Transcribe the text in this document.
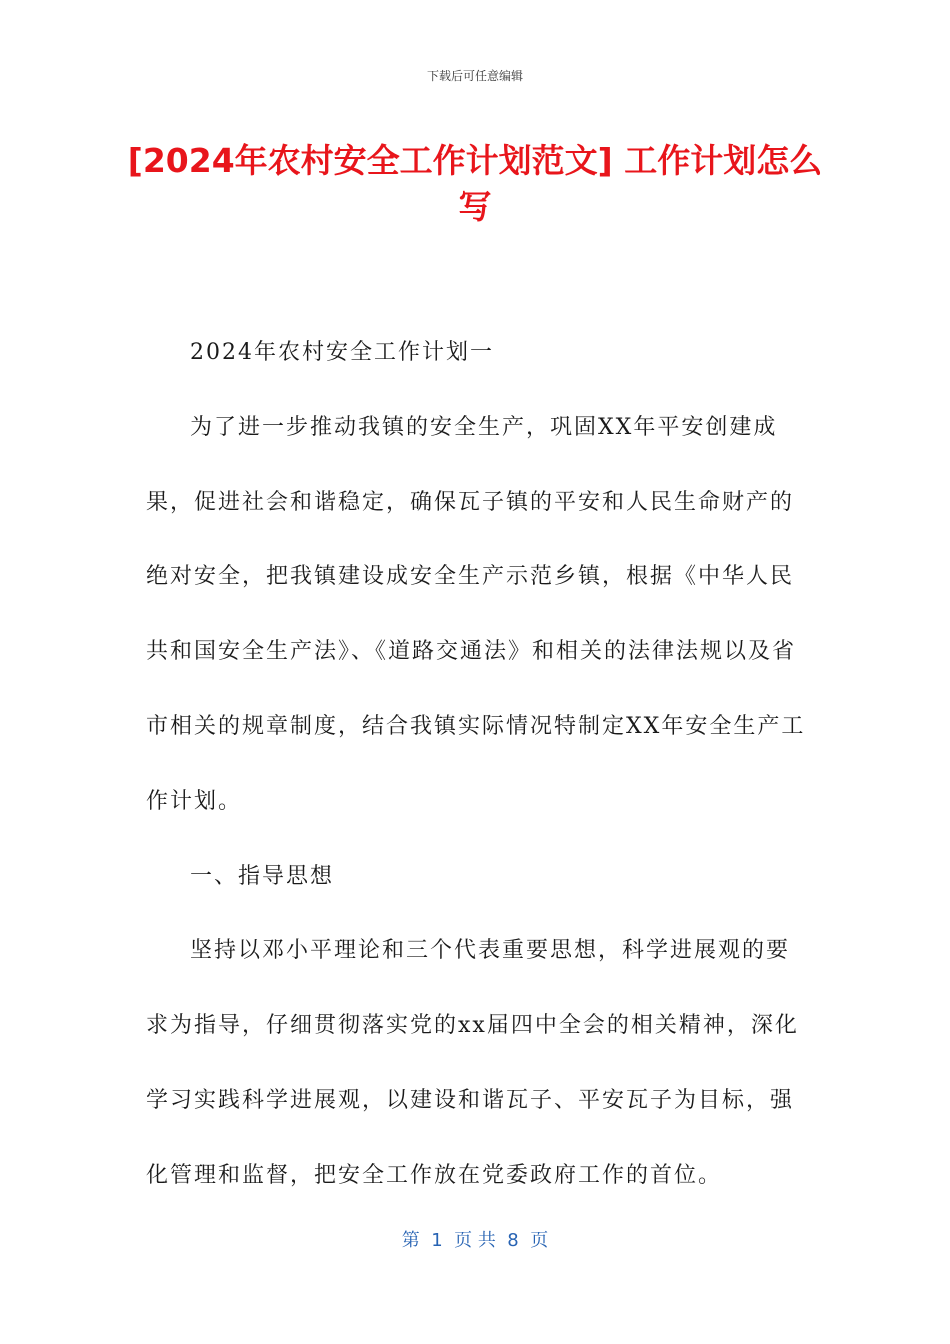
下载后可任意编辑
[2024年农村安全工作计划范文] 工作计划怎么写

2024年农村安全工作计划一

为了进一步推动我镇的安全生产，巩固XX年平安创建成果，促进社会和谐稳定，确保瓦子镇的平安和人民生命财产的绝对安全，把我镇建设成安全生产示范乡镇，根据《中华人民共和国安全生产法》、《道路交通法》和相关的法律法规以及省市相关的规章制度，结合我镇实际情况特制定XX年安全生产工作计划。

一、指导思想

坚持以邓小平理论和三个代表重要思想，科学进展观的要求为指导，仔细贯彻落实党的xx届四中全会的相关精神，深化学习实践科学进展观，以建设和谐瓦子、平安瓦子为目标，强化管理和监督，把安全工作放在党委政府工作的首位。

第  1  页 共  8  页
